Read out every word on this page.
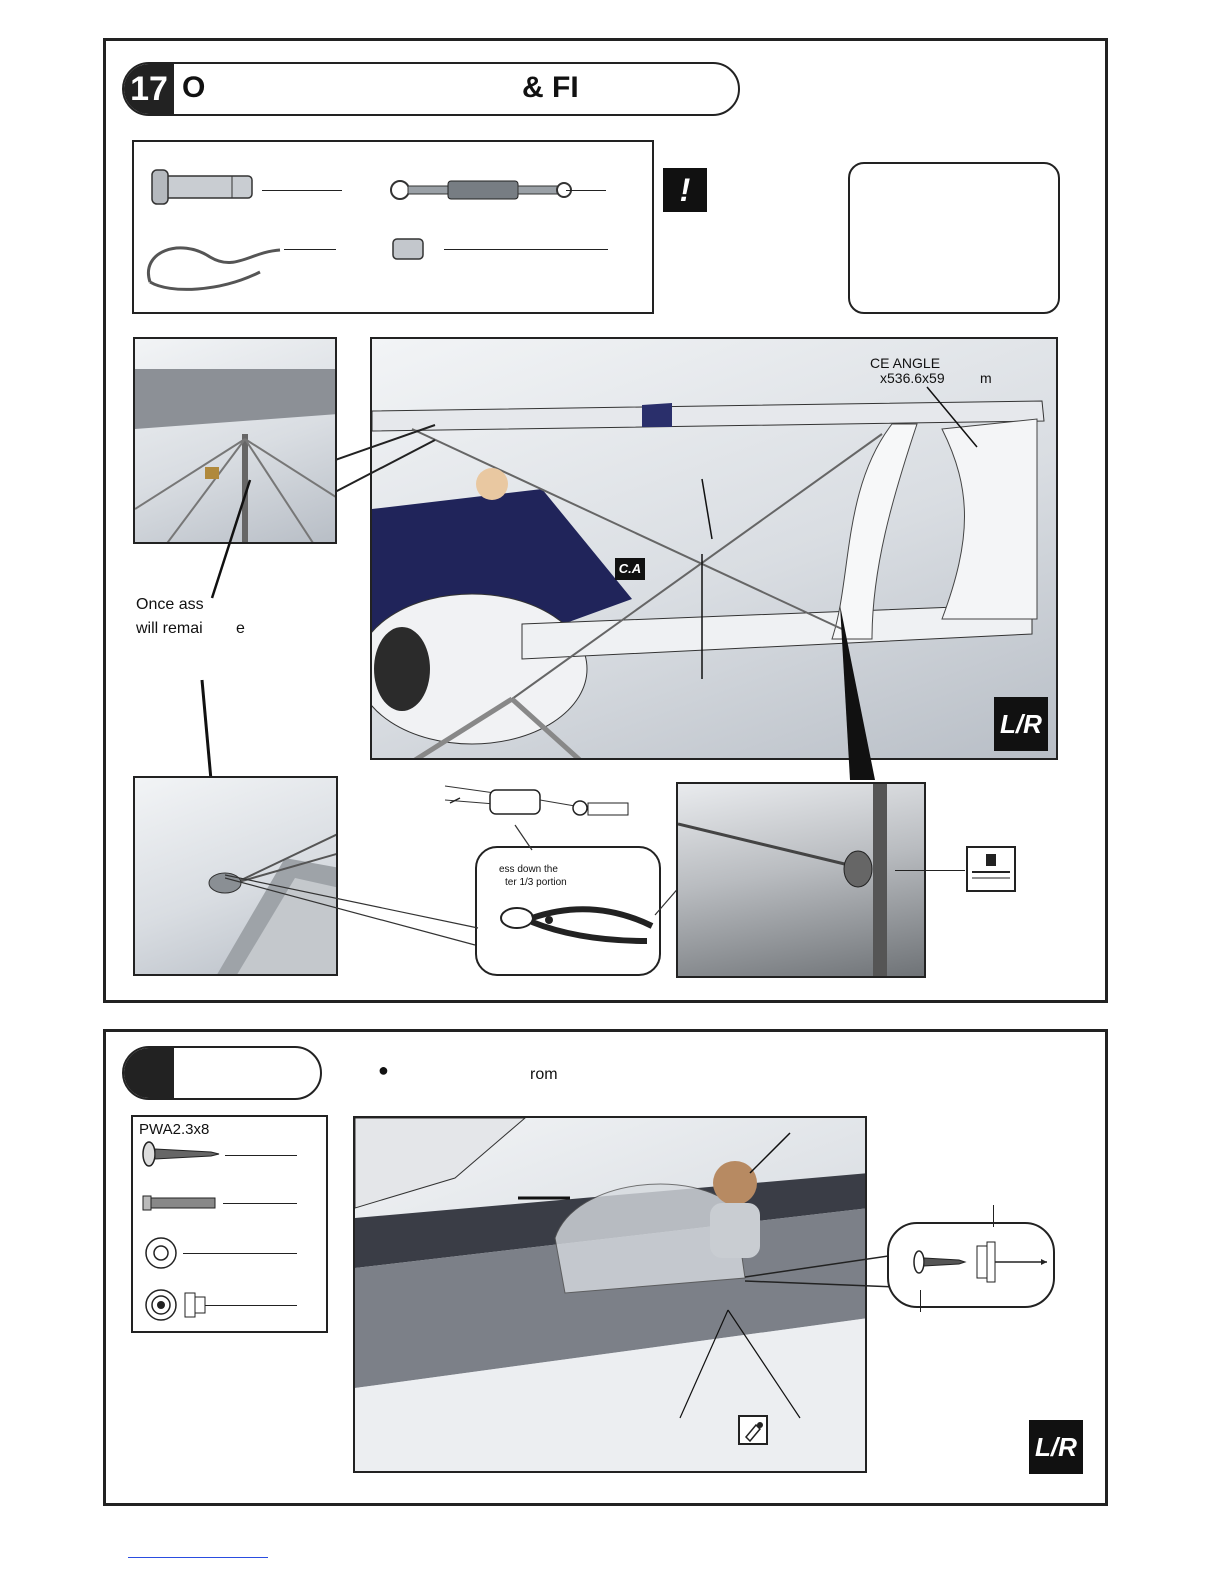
17 O	& FI
!
CE ANGLE
x536.6x59	m
C.A
L/R
Once ass
will remai e
ess down the
ter 1/3 portion
●	rom
PWA2.3x8
L/R
